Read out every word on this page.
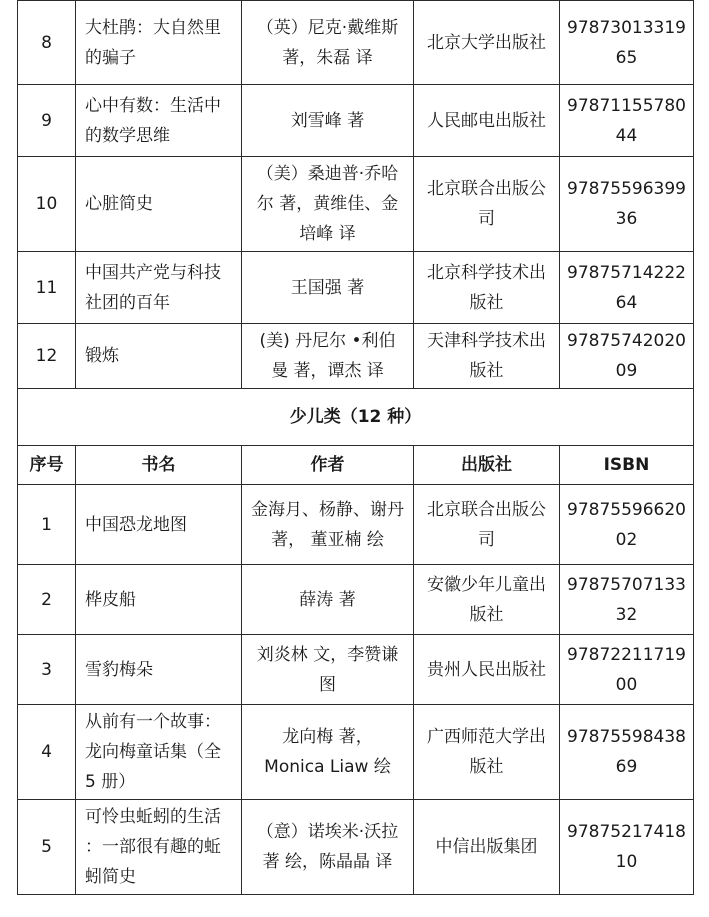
8	大杜鹃：大自然里
的骗子	（英）尼克·戴维斯
著，朱磊 译	北京大学出版社	97873013319
65

9	心中有数：生活中
的数学思维	刘雪峰 著	人民邮电出版社	97871155780
44

10	心脏简史	（美）桑迪普·乔哈
尔 著，黄维佳、金
培峰 译	北京联合出版公
司	97875596399
36

11	中国共产党与科技
社团的百年	王国强 著	北京科学技术出
版社	97875714222
64

12	锻炼	(美) 丹尼尔 •利伯
曼 著，谭杰 译	天津科学技术出
版社	97875742020
09

少儿类（12 种）				
序号	书名	作者	出版社	ISBN
1	中国恐龙地图	金海月、杨静、谢丹
著， 董亚楠 绘	北京联合出版公
司	97875596620
02

2	桦皮船	薛涛 著	安徽少年儿童出
版社	97875707133
32

3	雪豹梅朵	刘炎林 文，李赞谦
图	贵州人民出版社	97872211719
00

4	从前有一个故事：
龙向梅童话集（全
5 册）	龙向梅 著，
Monica Liaw 绘	广西师范大学出
版社	97875598438
69

5	可怜虫蚯蚓的生活
：一部很有趣的蚯
蚓简史	（意）诺埃米·沃拉
著 绘，陈晶晶 译	中信出版集团	97875217418
10
